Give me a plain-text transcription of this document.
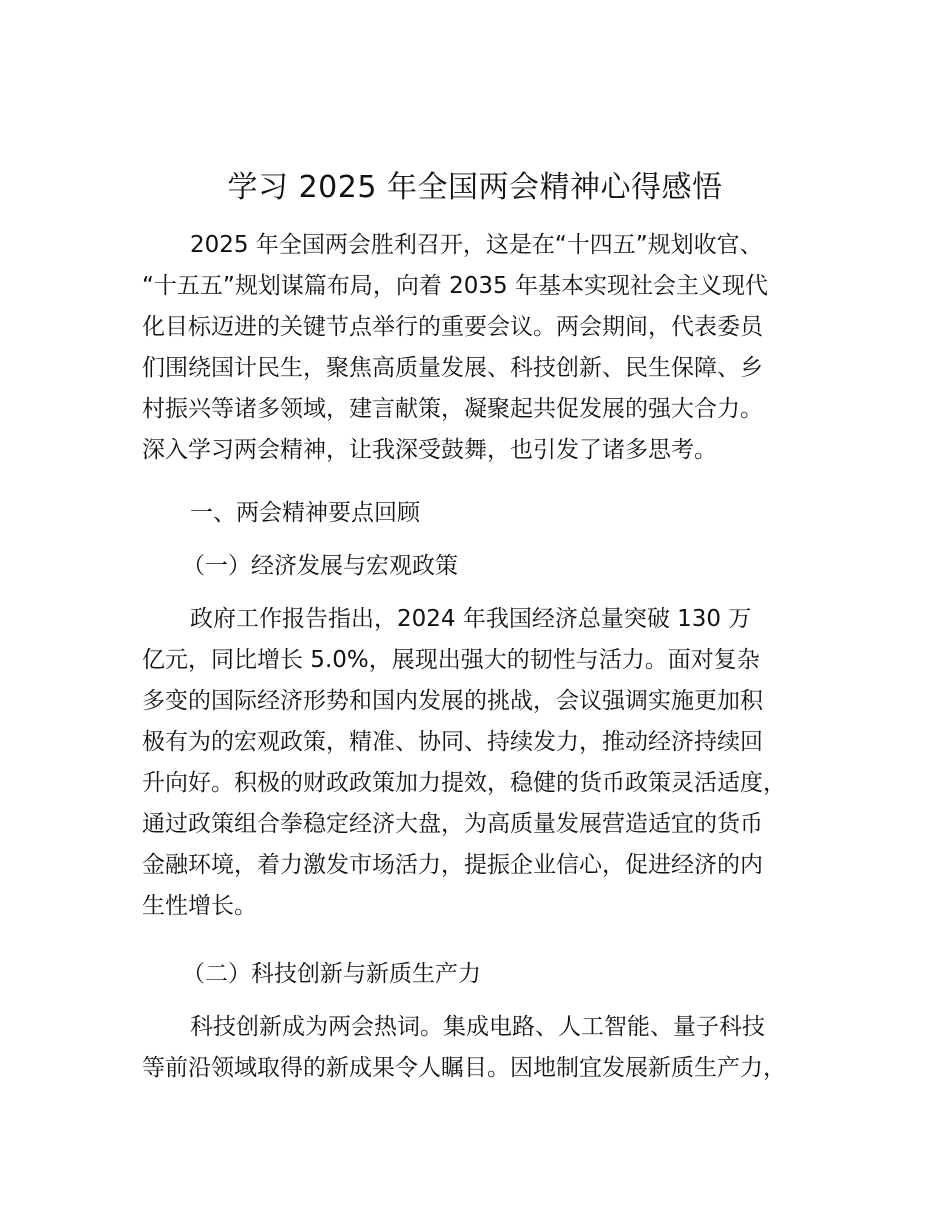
学习 2025 年全国两会精神心得感悟

2025 年全国两会胜利召开，这是在“十四五”规划收官、

“十五五”规划谋篇布局，向着 2035 年基本实现社会主义现代

化目标迈进的关键节点举行的重要会议。两会期间，代表委员

们围绕国计民生，聚焦高质量发展、科技创新、民生保障、乡

村振兴等诸多领域，建言献策，凝聚起共促发展的强大合力。

深入学习两会精神，让我深受鼓舞，也引发了诸多思考。

一、两会精神要点回顾

（一）经济发展与宏观政策

政府工作报告指出，2024 年我国经济总量突破 130 万

亿元，同比增长 5.0%，展现出强大的韧性与活力。面对复杂

多变的国际经济形势和国内发展的挑战，会议强调实施更加积

极有为的宏观政策，精准、协同、持续发力，推动经济持续回

升向好。积极的财政政策加力提效，稳健的货币政策灵活适度，

通过政策组合拳稳定经济大盘，为高质量发展营造适宜的货币

金融环境，着力激发市场活力，提振企业信心，促进经济的内

生性增长。

（二）科技创新与新质生产力

科技创新成为两会热词。集成电路、人工智能、量子科技

等前沿领域取得的新成果令人瞩目。因地制宜发展新质生产力，
